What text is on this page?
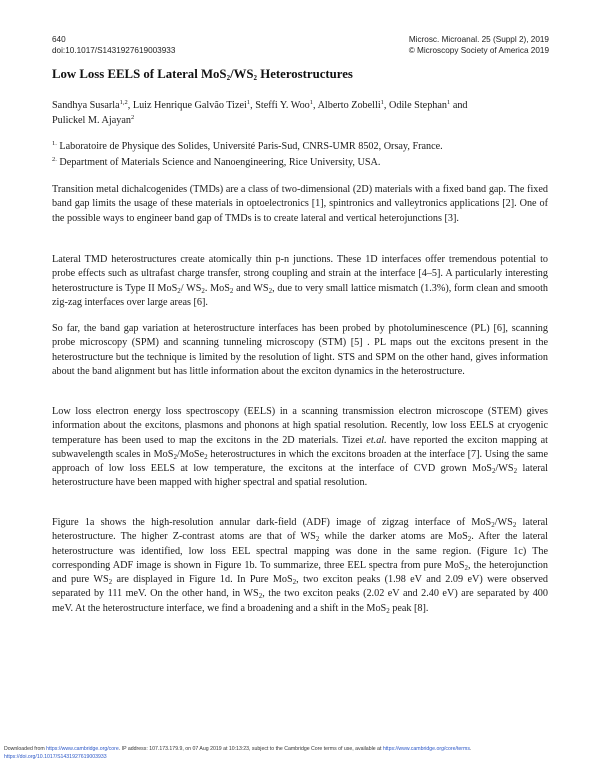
640
doi:10.1017/S1431927619003933
Microsc. Microanal. 25 (Suppl 2), 2019
© Microscopy Society of America 2019
Low Loss EELS of Lateral $MoS_2/WS_2$ Heterostructures
Sandhya Susarla$^{1,2}$, Luiz Henrique Galvão Tizei$^1$, Steffi Y. Woo$^1$, Alberto Zobelli$^1$, Odile Stephan$^1$ and
Pulickel M. Ajayan$^2$
$^{1.}$ Laboratoire de Physique des Solides, Université Paris-Sud, CNRS-UMR 8502, Orsay, France.
$^{2.}$ Department of Materials Science and Nanoengineering, Rice University, USA.

Transition metal dichalcogenides (TMDs) are a class of two-dimensional (2D) materials with a fixed band gap. The fixed band gap limits the usage of these materials in optoelectronics [1], spintronics and valleytronics applications [2]. One of the possible ways to engineer band gap of TMDs is to create lateral and vertical heterojunctions [3].

Lateral TMD heterostructures create atomically thin p-n junctions. These 1D interfaces offer tremendous potential to probe effects such as ultrafast charge transfer, strong coupling and strain at the interface [4–5]. A particularly interesting heterostructure is Type II MoS$_2$/ $WS_2$. MoS$_2$ and $WS_2$, due to very small lattice mismatch (1.3%), form clean and smooth zig-zag interfaces over large areas [6].

So far, the band gap variation at heterostructure interfaces has been probed by photoluminescence (PL) [6], scanning probe microscopy (SPM) and scanning tunneling microscopy (STM) [5] . PL maps out the excitons present in the heterostructure but the technique is limited by the resolution of light. STS and SPM on the other hand, gives information about the band alignment but has little information about the exciton dynamics in the heterostructure.

Low loss electron energy loss spectroscopy (EELS) in a scanning transmission electron microscope (STEM) gives information about the excitons, plasmons and phonons at high spatial resolution. Recently, low loss EELS at cryogenic temperature has been used to map the excitons in the 2D materials. Tizei et.al. have reported the exciton mapping at subwavelength scales in MoS$_2$/MoSe$_2$ heterostructures in which the excitons broaden at the interface [7]. Using the same approach of low loss EELS at low temperature, the excitons at the interface of CVD grown $MoS_2/WS_2$ lateral heterostructure have been mapped with higher spectral and spatial resolution.

Figure 1a shows the high-resolution annular dark-field (ADF) image of zigzag interface of $MoS_2/WS_2$ lateral heterostructure. The higher Z-contrast atoms are that of $WS_2$ while the darker atoms are MoS$_2$. After the lateral heterostructure was identified, low loss EEL spectral mapping was done in the same region. (Figure 1c) The corresponding ADF image is shown in Figure 1b. To summarize, three EEL spectra from pure MoS$_2$, the heterojunction and pure $WS_2$ are displayed in Figure 1d. In Pure MoS$_2$, two exciton peaks (1.98 eV and 2.09 eV) were observed separated by 111 meV. On the other hand, in $WS_2$, the two exciton peaks (2.02 eV and 2.40 eV) are separated by 400 meV. At the heterostructure interface, we find a broadening and a shift in the MoS$_2$ peak [8].

Downloaded from https://www.cambridge.org/core. IP address: 107.173.179.9, on 07 Aug 2019 at 10:13:23, subject to the Cambridge Core terms of use, available at https://www.cambridge.org/core/terms.
https://doi.org/10.1017/S1431927619003933
